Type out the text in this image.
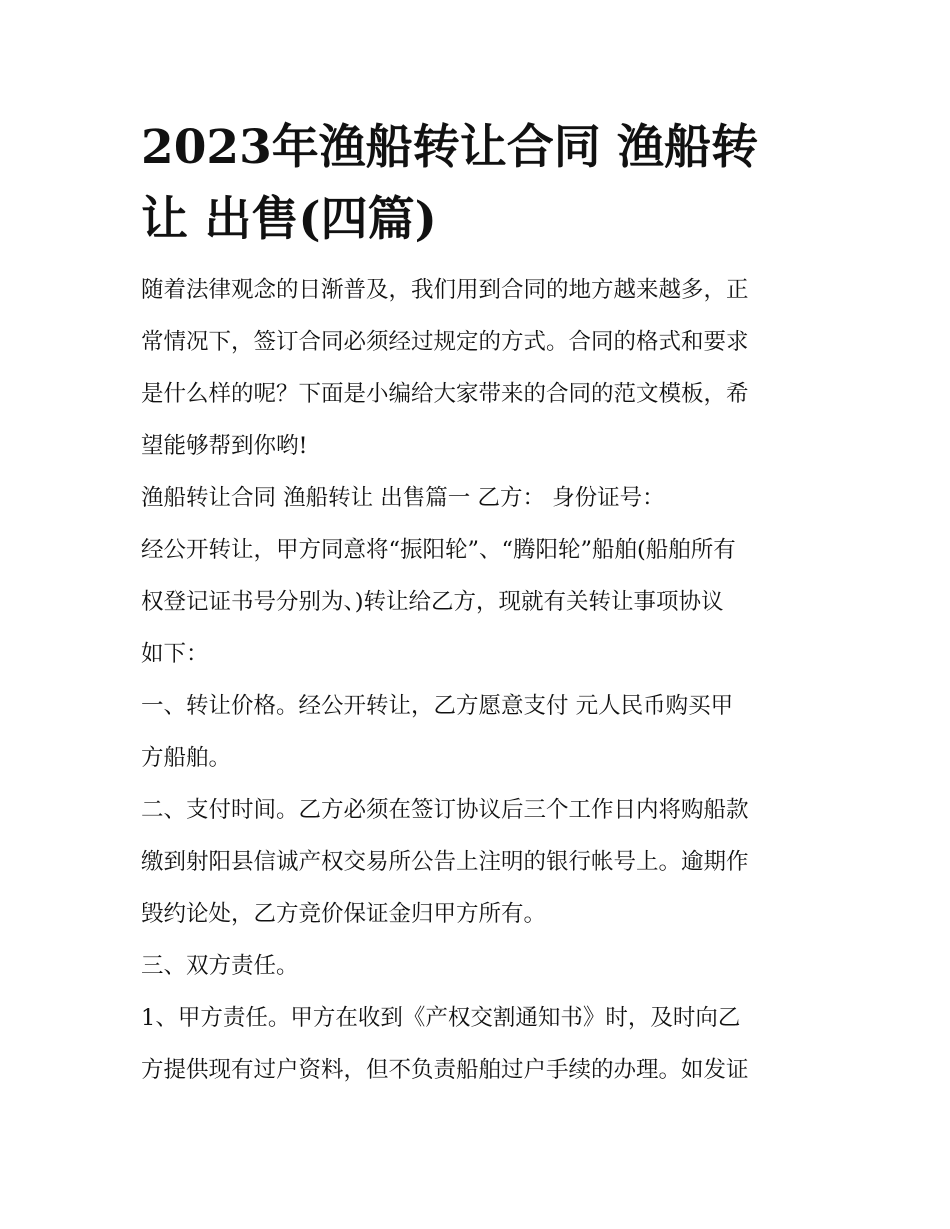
2023年渔船转让合同 渔船转
让 出售(四篇)

随着法律观念的日渐普及，我们用到合同的地方越来越多，正

常情况下，签订合同必须经过规定的方式。合同的格式和要求

是什么样的呢？下面是小编给大家带来的合同的范文模板，希

望能够帮到你哟!

渔船转让合同 渔船转让 出售篇一 乙方： 身份证号：

经公开转让，甲方同意将“振阳轮”、“腾阳轮”船舶(船舶所有

权登记证书号分别为、)转让给乙方，现就有关转让事项协议

如下：

一、转让价格。经公开转让，乙方愿意支付 元人民币购买甲

方船舶。

二、支付时间。乙方必须在签订协议后三个工作日内将购船款

缴到射阳县信诚产权交易所公告上注明的银行帐号上。逾期作

毁约论处，乙方竞价保证金归甲方所有。

三、双方责任。

1、甲方责任。甲方在收到《产权交割通知书》时，及时向乙

方提供现有过户资料，但不负责船舶过户手续的办理。如发证
